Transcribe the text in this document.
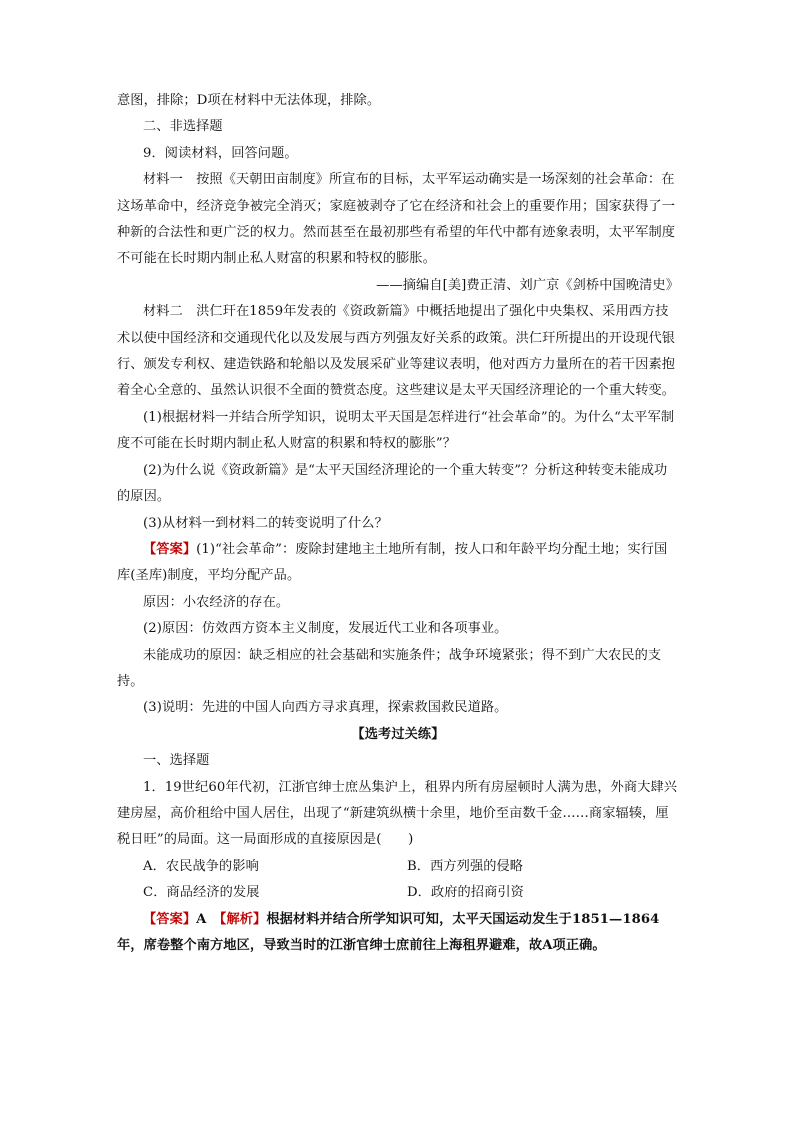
意图，排除；D项在材料中无法体现，排除。

二、非选择题

9．阅读材料，回答问题。

材料一　按照《天朝田亩制度》所宣布的目标，太平军运动确实是一场深刻的社会革命：在这场革命中，经济竞争被完全消灭；家庭被剥夺了它在经济和社会上的重要作用；国家获得了一种新的合法性和更广泛的权力。然而甚至在最初那些有希望的年代中都有迹象表明，太平军制度不可能在长时期内制止私人财富的积累和特权的膨胀。

——摘编自[美]费正清、刘广京《剑桥中国晚清史》

材料二　洪仁玕在1859年发表的《资政新篇》中概括地提出了强化中央集权、采用西方技术以使中国经济和交通现代化以及发展与西方列强友好关系的政策。洪仁玕所提出的开设现代银行、颁发专利权、建造铁路和轮船以及发展采矿业等建议表明，他对西方力量所在的若干因素抱着全心全意的、虽然认识很不全面的赞赏态度。这些建议是太平天国经济理论的一个重大转变。

(1)根据材料一并结合所学知识，说明太平天国是怎样进行“社会革命”的。为什么“太平军制度不可能在长时期内制止私人财富的积累和特权的膨胀”？

(2)为什么说《资政新篇》是“太平天国经济理论的一个重大转变”？分析这种转变未能成功的原因。

(3)从材料一到材料二的转变说明了什么？

【答案】(1)“社会革命”：废除封建地主土地所有制，按人口和年龄平均分配土地；实行国库(圣库)制度，平均分配产品。

原因：小农经济的存在。

(2)原因：仿效西方资本主义制度，发展近代工业和各项事业。

未能成功的原因：缺乏相应的社会基础和实施条件；战争环境紧张；得不到广大农民的支持。

(3)说明：先进的中国人向西方寻求真理，探索救国救民道路。

【选考过关练】

一、选择题

1．19世纪60年代初，江浙官绅士庶丛集沪上，租界内所有房屋顿时人满为患，外商大肆兴建房屋，高价租给中国人居住，出现了“新建筑纵横十余里，地价至亩数千金……商家辐辏，厘税日旺”的局面。这一局面形成的直接原因是(　　)

A．农民战争的影响	B．西方列强的侵略
C．商品经济的发展	D．政府的招商引资

【答案】A　【解析】根据材料并结合所学知识可知，太平天国运动发生于1851—1864年，席卷整个南方地区，导致当时的江浙官绅士庶前往上海租界避难，故A项正确。
